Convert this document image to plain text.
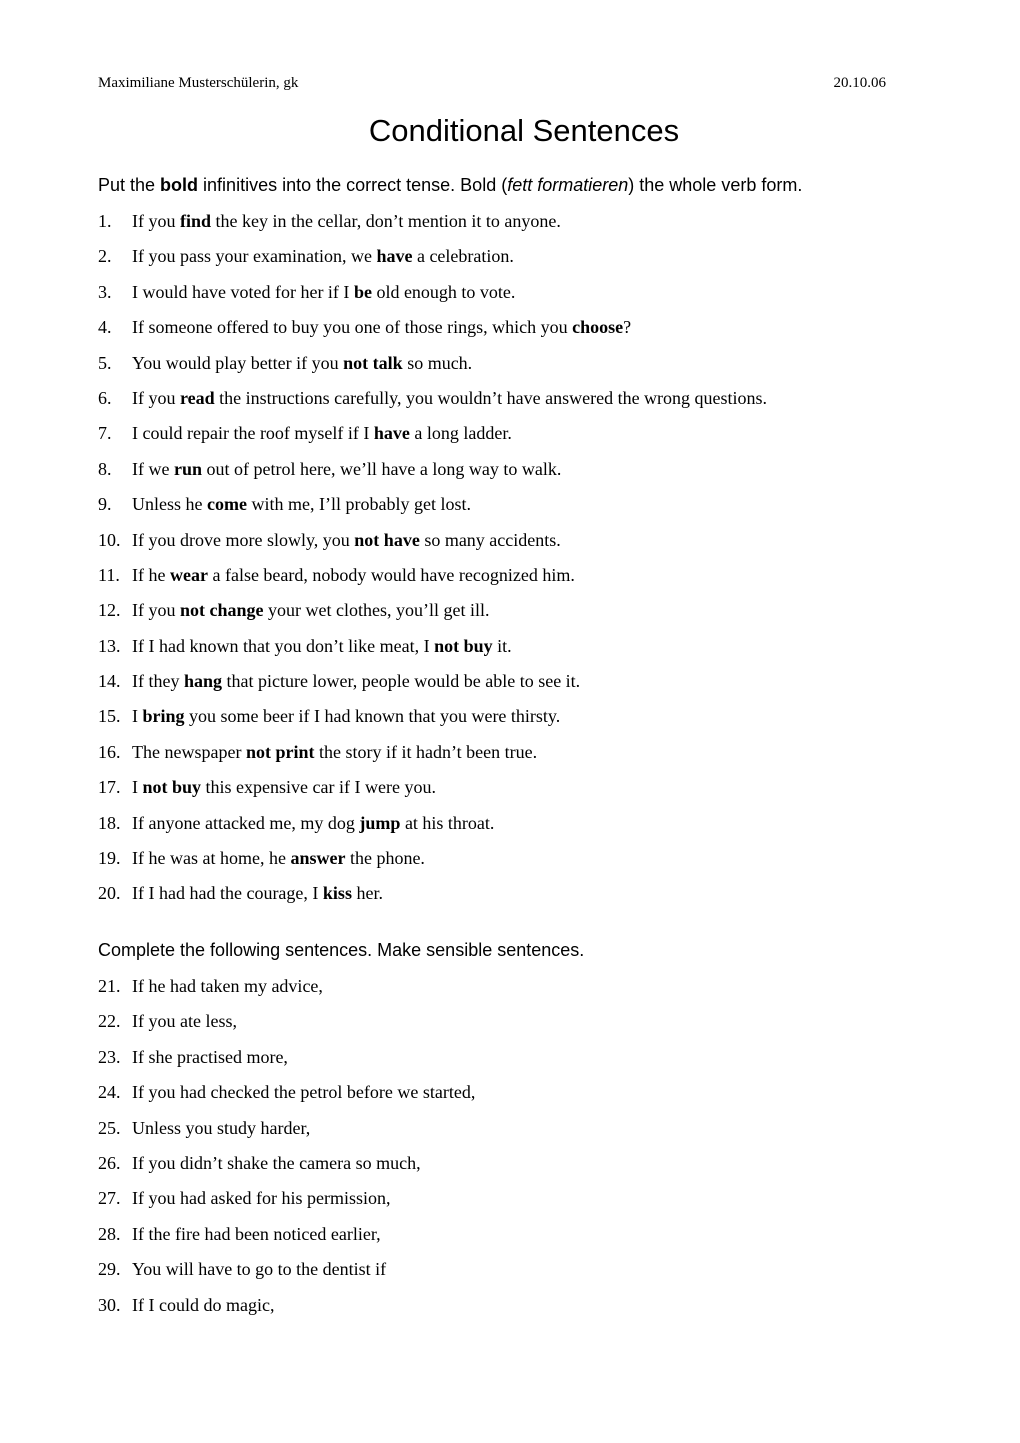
Maximiliane Musterschülerin, gk	20.10.06
Conditional Sentences
Put the bold infinitives into the correct tense. Bold (fett formatieren) the whole verb form.
1. If you find the key in the cellar, don’t mention it to anyone.
2. If you pass your examination, we have a celebration.
3. I would have voted for her if I be old enough to vote.
4. If someone offered to buy you one of those rings, which you choose?
5. You would play better if you not talk so much.
6. If you read the instructions carefully, you wouldn’t have answered the wrong questions.
7. I could repair the roof myself if I have a long ladder.
8. If we run out of petrol here, we’ll have a long way to walk.
9. Unless he come with me, I’ll probably get lost.
10. If you drove more slowly, you not have so many accidents.
11. If he wear a false beard, nobody would have recognized him.
12. If you not change your wet clothes, you’ll get ill.
13. If I had known that you don’t like meat, I not buy it.
14. If they hang that picture lower, people would be able to see it.
15. I bring you some beer if I had known that you were thirsty.
16. The newspaper not print the story if it hadn’t been true.
17. I not buy this expensive car if I were you.
18. If anyone attacked me, my dog jump at his throat.
19. If he was at home, he answer the phone.
20. If I had had the courage, I kiss her.
Complete the following sentences. Make sensible sentences.
21. If he had taken my advice,
22. If you ate less,
23. If she practised more,
24. If you had checked the petrol before we started,
25. Unless you study harder,
26. If you didn’t shake the camera so much,
27. If you had asked for his permission,
28. If the fire had been noticed earlier,
29. You will have to go to the dentist if
30. If I could do magic,
